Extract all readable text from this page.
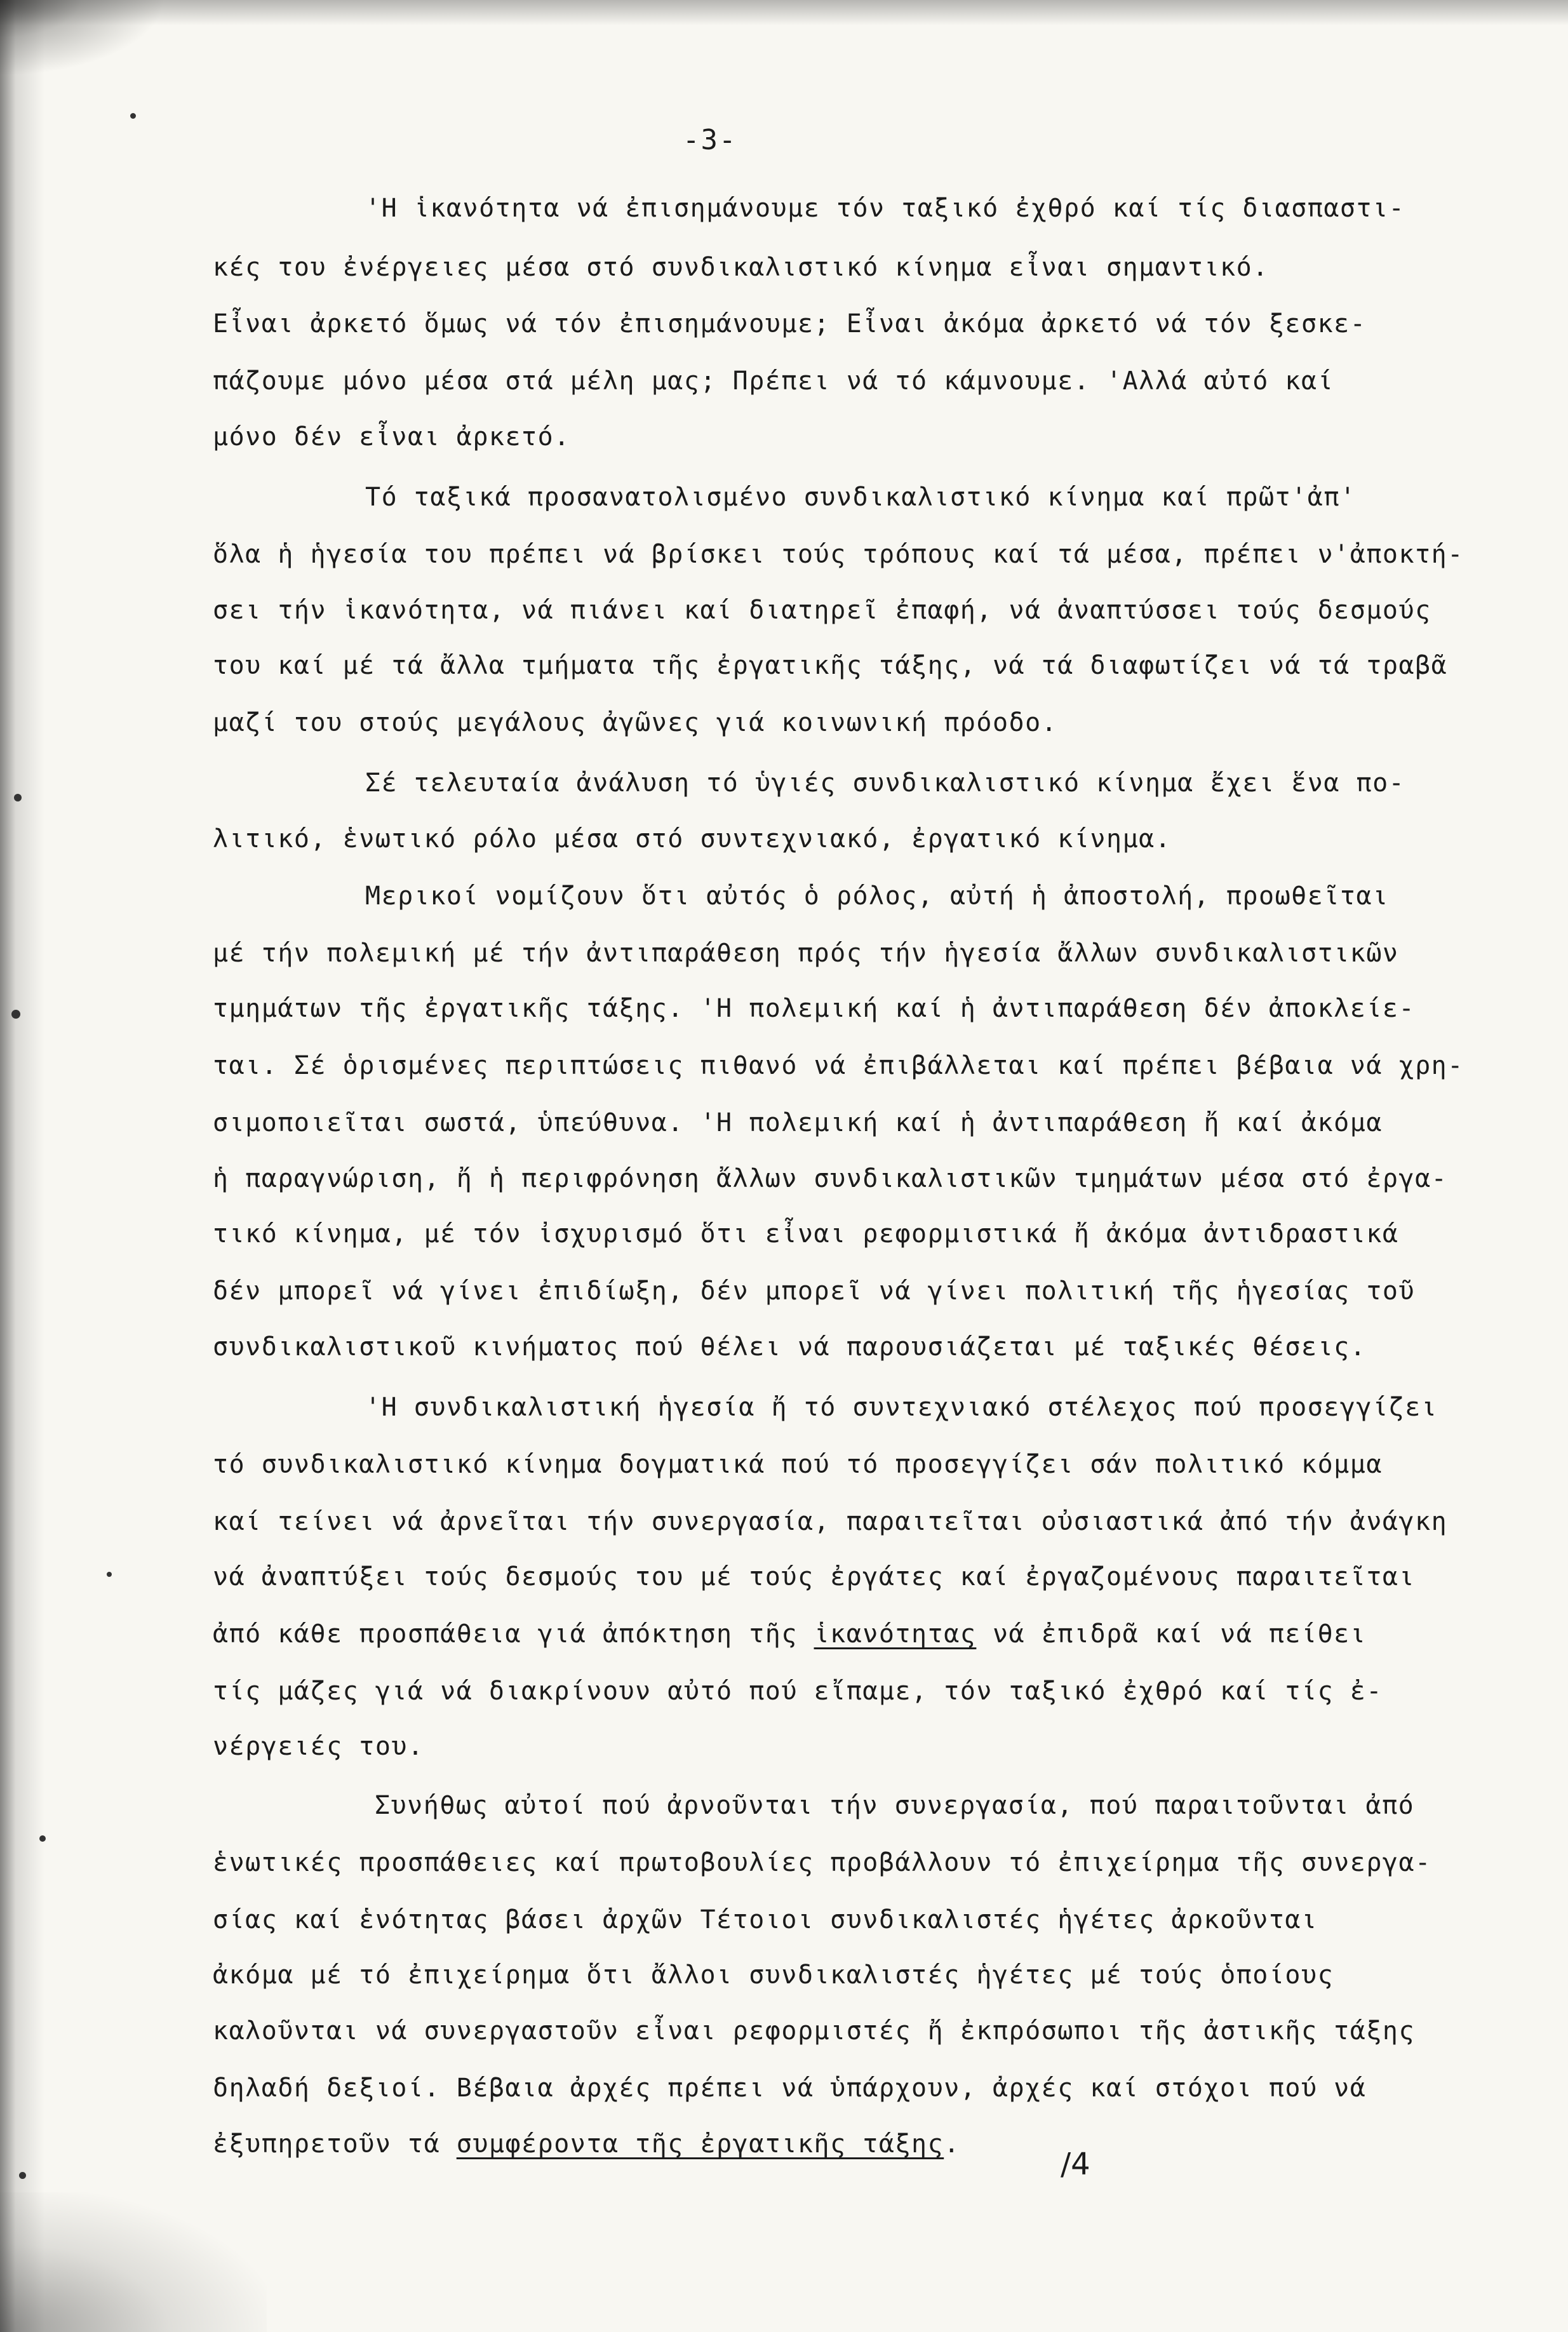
-3-
'Η ἱκανότητα νά ἐπισημάνουμε τόν ταξικό ἐχθρό καί τίς διασπαστι-
κές του ἐνέργειες μέσα στό συνδικαλιστικό κίνημα εἶναι σημαντικό.
Εἶναι ἀρκετό ὅμως νά τόν ἐπισημάνουμε; Εἶναι ἀκόμα ἀρκετό νά τόν ξεσκε-
πάζουμε μόνο μέσα στά μέλη μας; Πρέπει νά τό κάμνουμε. 'Αλλά αὐτό καί
μόνο δέν εἶναι ἀρκετό.
Τό ταξικά προσανατολισμένο συνδικαλιστικό κίνημα καί πρῶτ'ἀπ'
ὅλα ἡ ἡγεσία του πρέπει νά βρίσκει τούς τρόπους καί τά μέσα, πρέπει ν'ἀποκτή-
σει τήν ἱκανότητα, νά πιάνει καί διατηρεῖ ἐπαφή, νά ἀναπτύσσει τούς δεσμούς
του καί μέ τά ἄλλα τμήματα τῆς ἐργατικῆς τάξης, νά τά διαφωτίζει νά τά τραβᾶ
μαζί του στούς μεγάλους ἀγῶνες γιά κοινωνική πρόοδο.
Σέ τελευταία ἀνάλυση τό ὑγιές συνδικαλιστικό κίνημα ἔχει ἕνα πο-
λιτικό, ἑνωτικό ρόλο μέσα στό συντεχνιακό, ἐργατικό κίνημα.
Μερικοί νομίζουν ὅτι αὐτός ὁ ρόλος, αὐτή ἡ ἀποστολή, προωθεῖται
μέ τήν πολεμική μέ τήν ἀντιπαράθεση πρός τήν ἡγεσία ἄλλων συνδικαλιστικῶν
τμημάτων τῆς ἐργατικῆς τάξης. 'Η πολεμική καί ἡ ἀντιπαράθεση δέν ἀποκλείε-
ται. Σέ ὁρισμένες περιπτώσεις πιθανό νά ἐπιβάλλεται καί πρέπει βέβαια νά χρη-
σιμοποιεῖται σωστά, ὑπεύθυνα. 'Η πολεμική καί ἡ ἀντιπαράθεση ἤ καί ἀκόμα
ἡ παραγνώριση, ἤ ἡ περιφρόνηση ἄλλων συνδικαλιστικῶν τμημάτων μέσα στό ἐργα-
τικό κίνημα, μέ τόν ἰσχυρισμό ὅτι εἶναι ρεφορμιστικά ἤ ἀκόμα ἀντιδραστικά
δέν μπορεῖ νά γίνει ἐπιδίωξη, δέν μπορεῖ νά γίνει πολιτική τῆς ἡγεσίας τοῦ
συνδικαλιστικοῦ κινήματος πού θέλει νά παρουσιάζεται μέ ταξικές θέσεις.
'Η συνδικαλιστική ἡγεσία ἤ τό συντεχνιακό στέλεχος πού προσεγγίζει
τό συνδικαλιστικό κίνημα δογματικά πού τό προσεγγίζει σάν πολιτικό κόμμα
καί τείνει νά ἀρνεῖται τήν συνεργασία, παραιτεῖται οὐσιαστικά ἀπό τήν ἀνάγκη
νά ἀναπτύξει τούς δεσμούς του μέ τούς ἐργάτες καί ἐργαζομένους παραιτεῖται
ἀπό κάθε προσπάθεια γιά ἀπόκτηση τῆς ἱκανότητας νά ἐπιδρᾶ καί νά πείθει
τίς μάζες γιά νά διακρίνουν αὐτό πού εἴπαμε, τόν ταξικό ἐχθρό καί τίς ἐ-
νέργειές του.
Συνήθως αὐτοί πού ἀρνοῦνται τήν συνεργασία, πού παραιτοῦνται ἀπό
ἑνωτικές προσπάθειες καί πρωτοβουλίες προβάλλουν τό ἐπιχείρημα τῆς συνεργα-
σίας καί ἑνότητας βάσει ἀρχῶν Τέτοιοι συνδικαλιστές ἡγέτες ἀρκοῦνται
ἀκόμα μέ τό ἐπιχείρημα ὅτι ἄλλοι συνδικαλιστές ἡγέτες μέ τούς ὁποίους
καλοῦνται νά συνεργαστοῦν εἶναι ρεφορμιστές ἤ ἐκπρόσωποι τῆς ἀστικῆς τάξης
δηλαδή δεξιοί. Βέβαια ἀρχές πρέπει νά ὑπάρχουν, ἀρχές καί στόχοι πού νά
ἐξυπηρετοῦν τά συμφέροντα τῆς ἐργατικῆς τάξης.
/4
